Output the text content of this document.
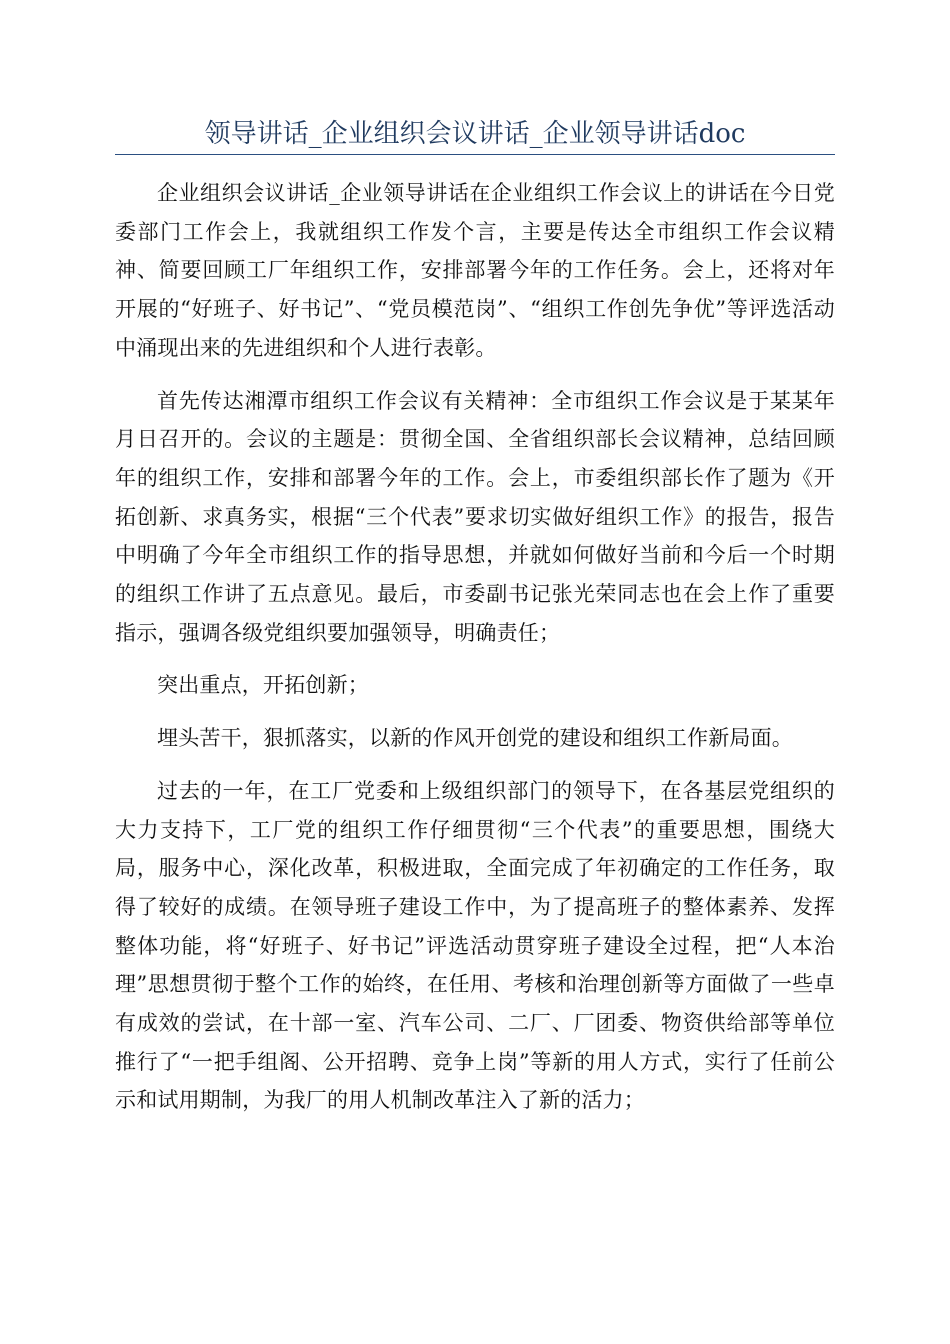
领导讲话_企业组织会议讲话_企业领导讲话doc

企业组织会议讲话_企业领导讲话在企业组织工作会议上的讲话在今日党委部门工作会上，我就组织工作发个言，主要是传达全市组织工作会议精神、简要回顾工厂年组织工作，安排部署今年的工作任务。会上，还将对年开展的“好班子、好书记”、“党员模范岗”、“组织工作创先争优”等评选活动中涌现出来的先进组织和个人进行表彰。

首先传达湘潭市组织工作会议有关精神：全市组织工作会议是于某某年月日召开的。会议的主题是：贯彻全国、全省组织部长会议精神，总结回顾年的组织工作，安排和部署今年的工作。会上，市委组织部长作了题为《开拓创新、求真务实，根据“三个代表”要求切实做好组织工作》的报告，报告中明确了今年全市组织工作的指导思想，并就如何做好当前和今后一个时期的组织工作讲了五点意见。最后，市委副书记张光荣同志也在会上作了重要指示，强调各级党组织要加强领导，明确责任；

突出重点，开拓创新；

埋头苦干，狠抓落实，以新的作风开创党的建设和组织工作新局面。

过去的一年，在工厂党委和上级组织部门的领导下，在各基层党组织的大力支持下，工厂党的组织工作仔细贯彻“三个代表”的重要思想，围绕大局，服务中心，深化改革，积极进取，全面完成了年初确定的工作任务，取得了较好的成绩。在领导班子建设工作中，为了提高班子的整体素养、发挥整体功能，将“好班子、好书记”评选活动贯穿班子建设全过程，把“人本治理”思想贯彻于整个工作的始终，在任用、考核和治理创新等方面做了一些卓有成效的尝试，在十部一室、汽车公司、二厂、厂团委、物资供给部等单位推行了“一把手组阁、公开招聘、竞争上岗”等新的用人方式，实行了任前公示和试用期制，为我厂的用人机制改革注入了新的活力；
